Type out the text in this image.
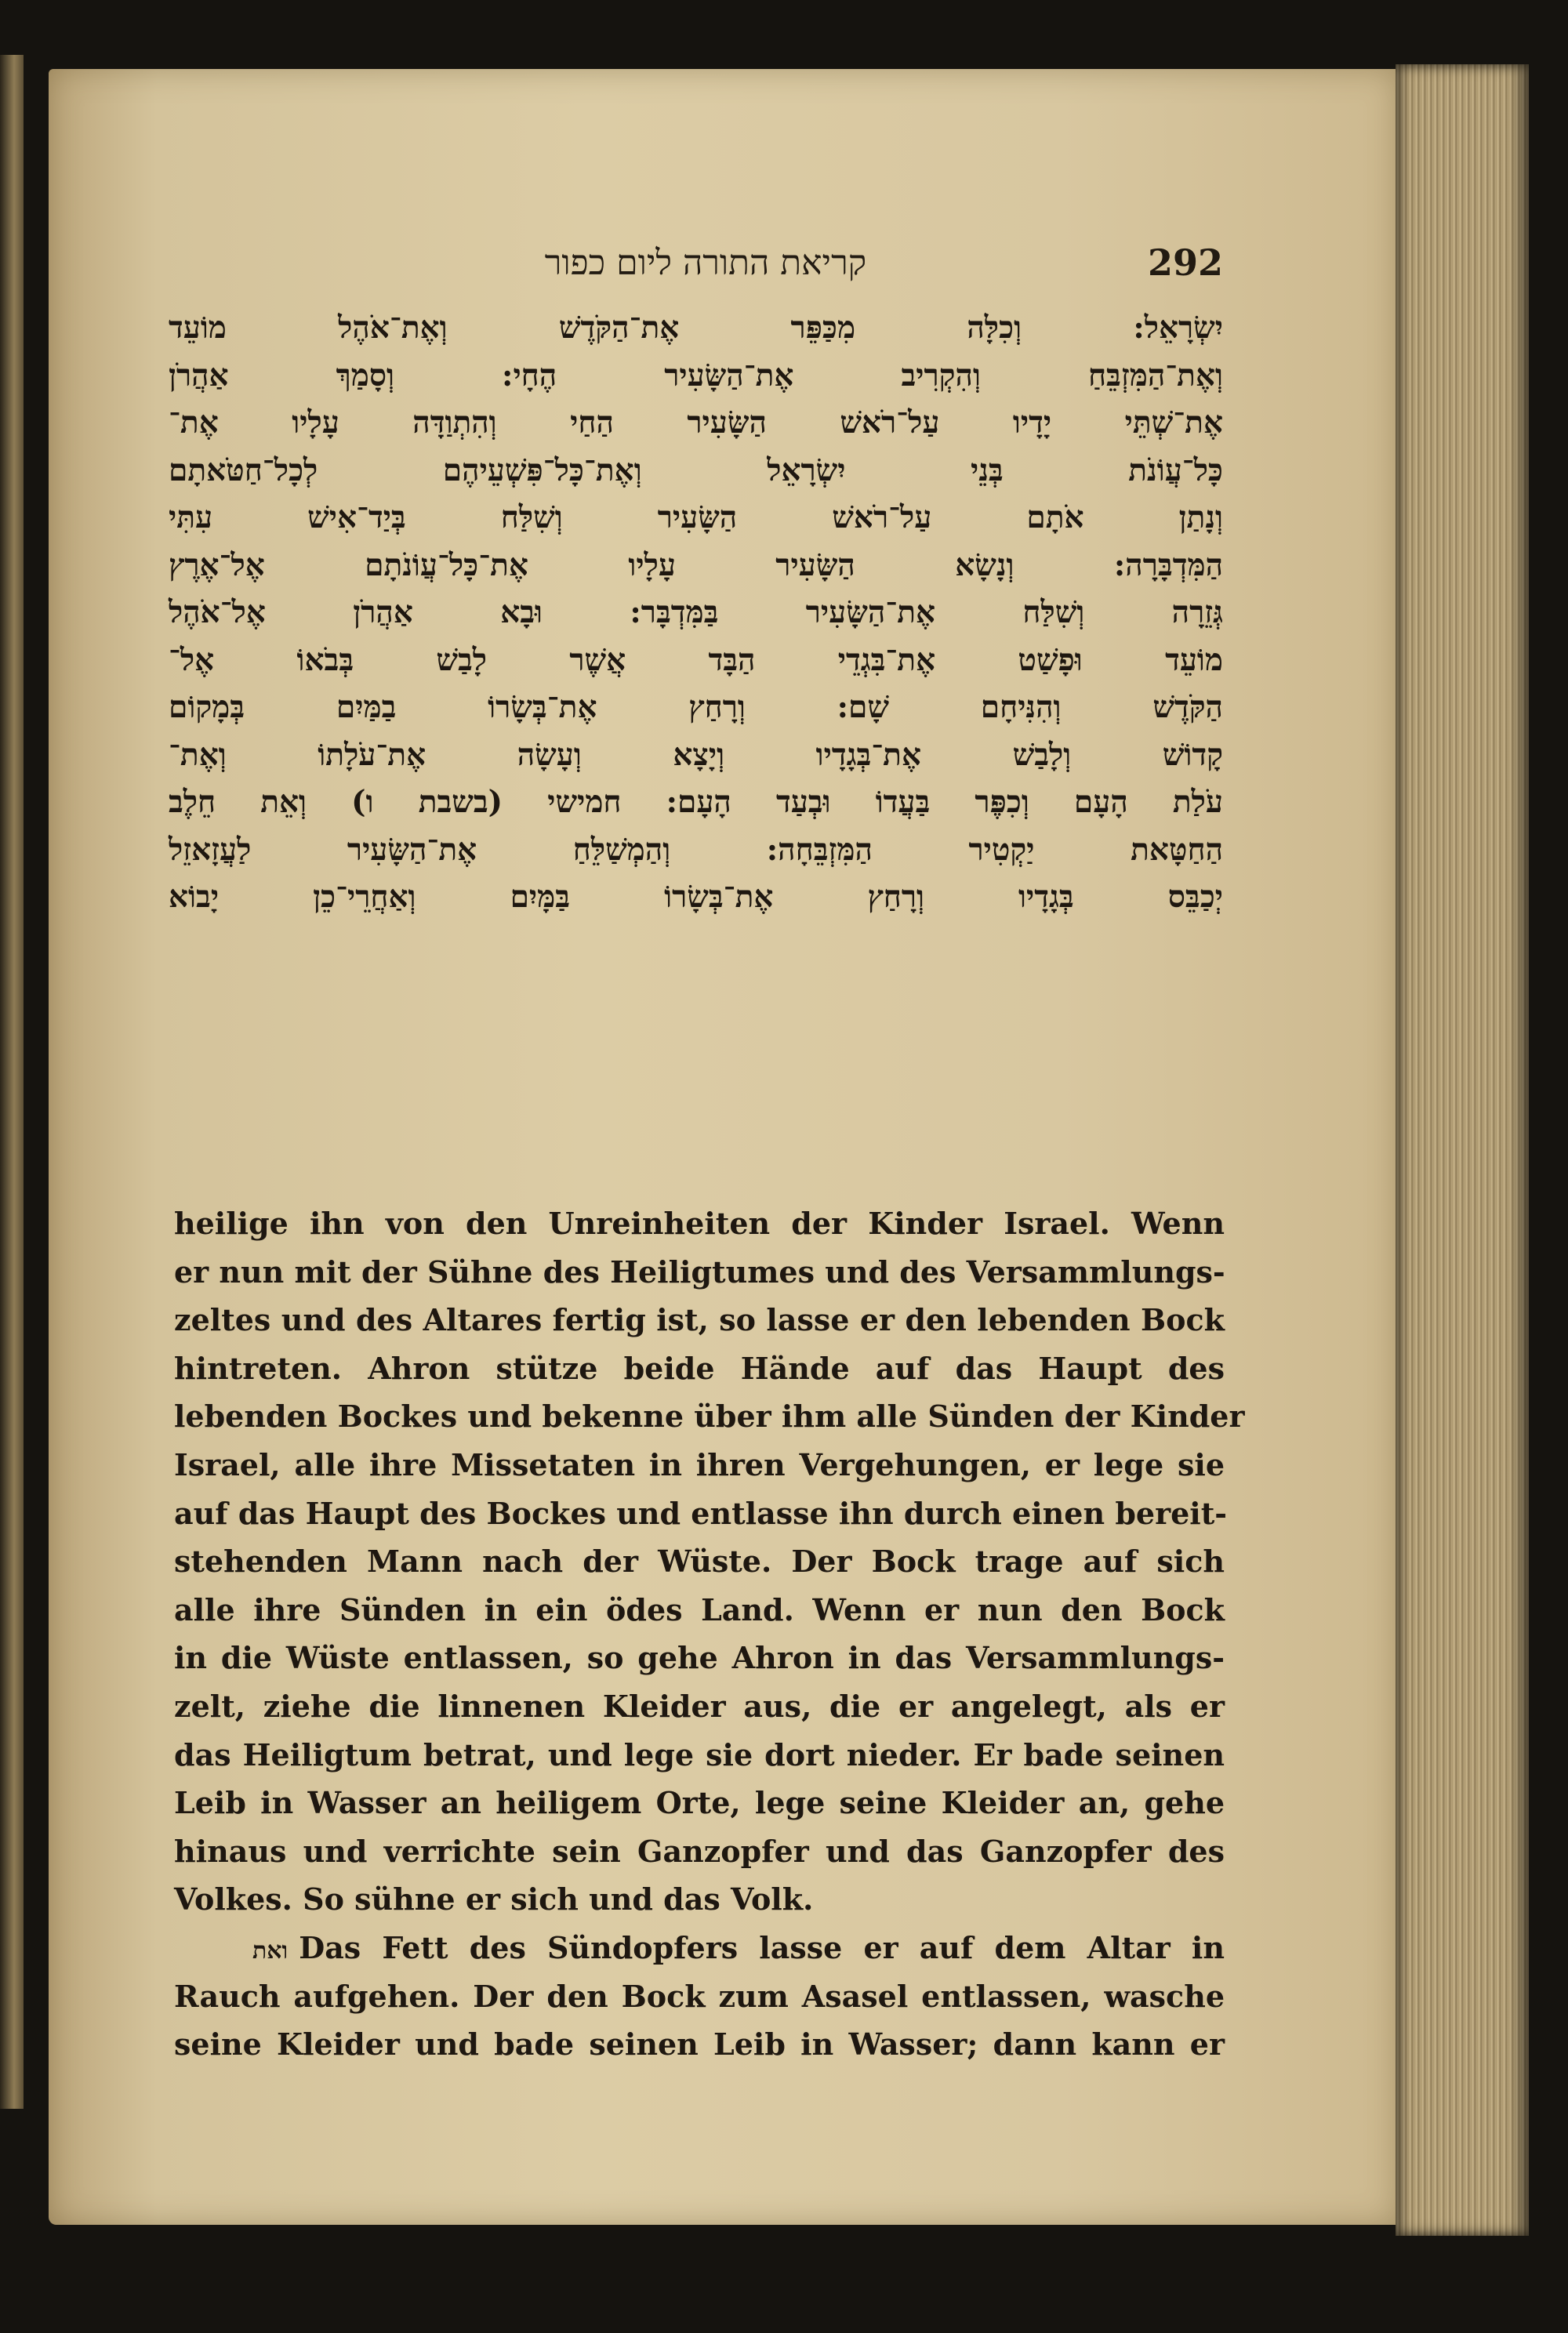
קריאת התורה ליום כפור	292
יִשְׂרָאֵל: וְכִלָּה מִכַּפֵּר אֶת־הַקֹּדֶשׁ וְאֶת־אֹהֶל מוֹעֵד
וְאֶת־הַמִּזְבֵּחַ וְהִקְרִיב אֶת־הַשָּׂעִיר הֶחָי: וְסָמַךְ אַהֲרֹן
אֶת־שְׁתֵּי יָדָיו עַל־רֹאשׁ הַשָּׂעִיר הַחַי וְהִתְוַדָּה עָלָיו אֶת־
כָּל־עֲוֹנֹת בְּנֵי יִשְׂרָאֵל וְאֶת־כָּל־פִּשְׁעֵיהֶם לְכָל־חַטֹּאתָם
וְנָתַן אֹתָם עַל־רֹאשׁ הַשָּׂעִיר וְשִׁלַּח בְּיַד־אִישׁ עִתִּי
הַמִּדְבָּרָה: וְנָשָׂא הַשָּׂעִיר עָלָיו אֶת־כָּל־עֲוֹנֹתָם אֶל־אֶרֶץ
גְּזֵרָה וְשִׁלַּח אֶת־הַשָּׂעִיר בַּמִּדְבָּר: וּבָא אַהֲרֹן אֶל־אֹהֶל
מוֹעֵד וּפָשַׁט אֶת־בִּגְדֵי הַבָּד אֲשֶׁר לָבַשׁ בְּבֹאוֹ אֶל־
הַקֹּדֶשׁ וְהִנִּיחָם שָׁם: וְרָחַץ אֶת־בְּשָׂרוֹ בַמַּיִם בְּמָקוֹם
קָדוֹשׁ וְלָבַשׁ אֶת־בְּגָדָיו וְיָצָא וְעָשָׂה אֶת־עֹלָתוֹ וְאֶת־
עֹלַת הָעָם וְכִפֶּר בַּעֲדוֹ וּבְעַד הָעָם: חמישי (בשבת ו) וְאֵת חֵלֶב
הַחַטָּאת יַקְטִיר הַמִּזְבֵּחָה: וְהַמְשַׁלֵּחַ אֶת־הַשָּׂעִיר לַעֲזָאזֵל
יְכַבֵּס בְּגָדָיו וְרָחַץ אֶת־בְּשָׂרוֹ בַּמָּיִם וְאַחֲרֵי־כֵן יָבוֹא
heilige ihn von den Unreinheiten der Kinder Israel. Wenn
er nun mit der Sühne des Heiligtumes und des Versammlungs-
zeltes und des Altares fertig ist, so lasse er den lebenden Bock
hintreten. Ahron stütze beide Hände auf das Haupt des
lebenden Bockes und bekenne über ihm alle Sünden der Kinder
Israel, alle ihre Missetaten in ihren Vergehungen, er lege sie
auf das Haupt des Bockes und entlasse ihn durch einen bereit-
stehenden Mann nach der Wüste. Der Bock trage auf sich
alle ihre Sünden in ein ödes Land. Wenn er nun den Bock
in die Wüste entlassen, so gehe Ahron in das Versammlungs-
zelt, ziehe die linnenen Kleider aus, die er angelegt, als er
das Heiligtum betrat, und lege sie dort nieder. Er bade seinen
Leib in Wasser an heiligem Orte, lege seine Kleider an, gehe
hinaus und verrichte sein Ganzopfer und das Ganzopfer des
Volkes. So sühne er sich und das Volk.
ואת Das Fett des Sündopfers lasse er auf dem Altar in
Rauch aufgehen. Der den Bock zum Asasel entlassen, wasche
seine Kleider und bade seinen Leib in Wasser; dann kann er
